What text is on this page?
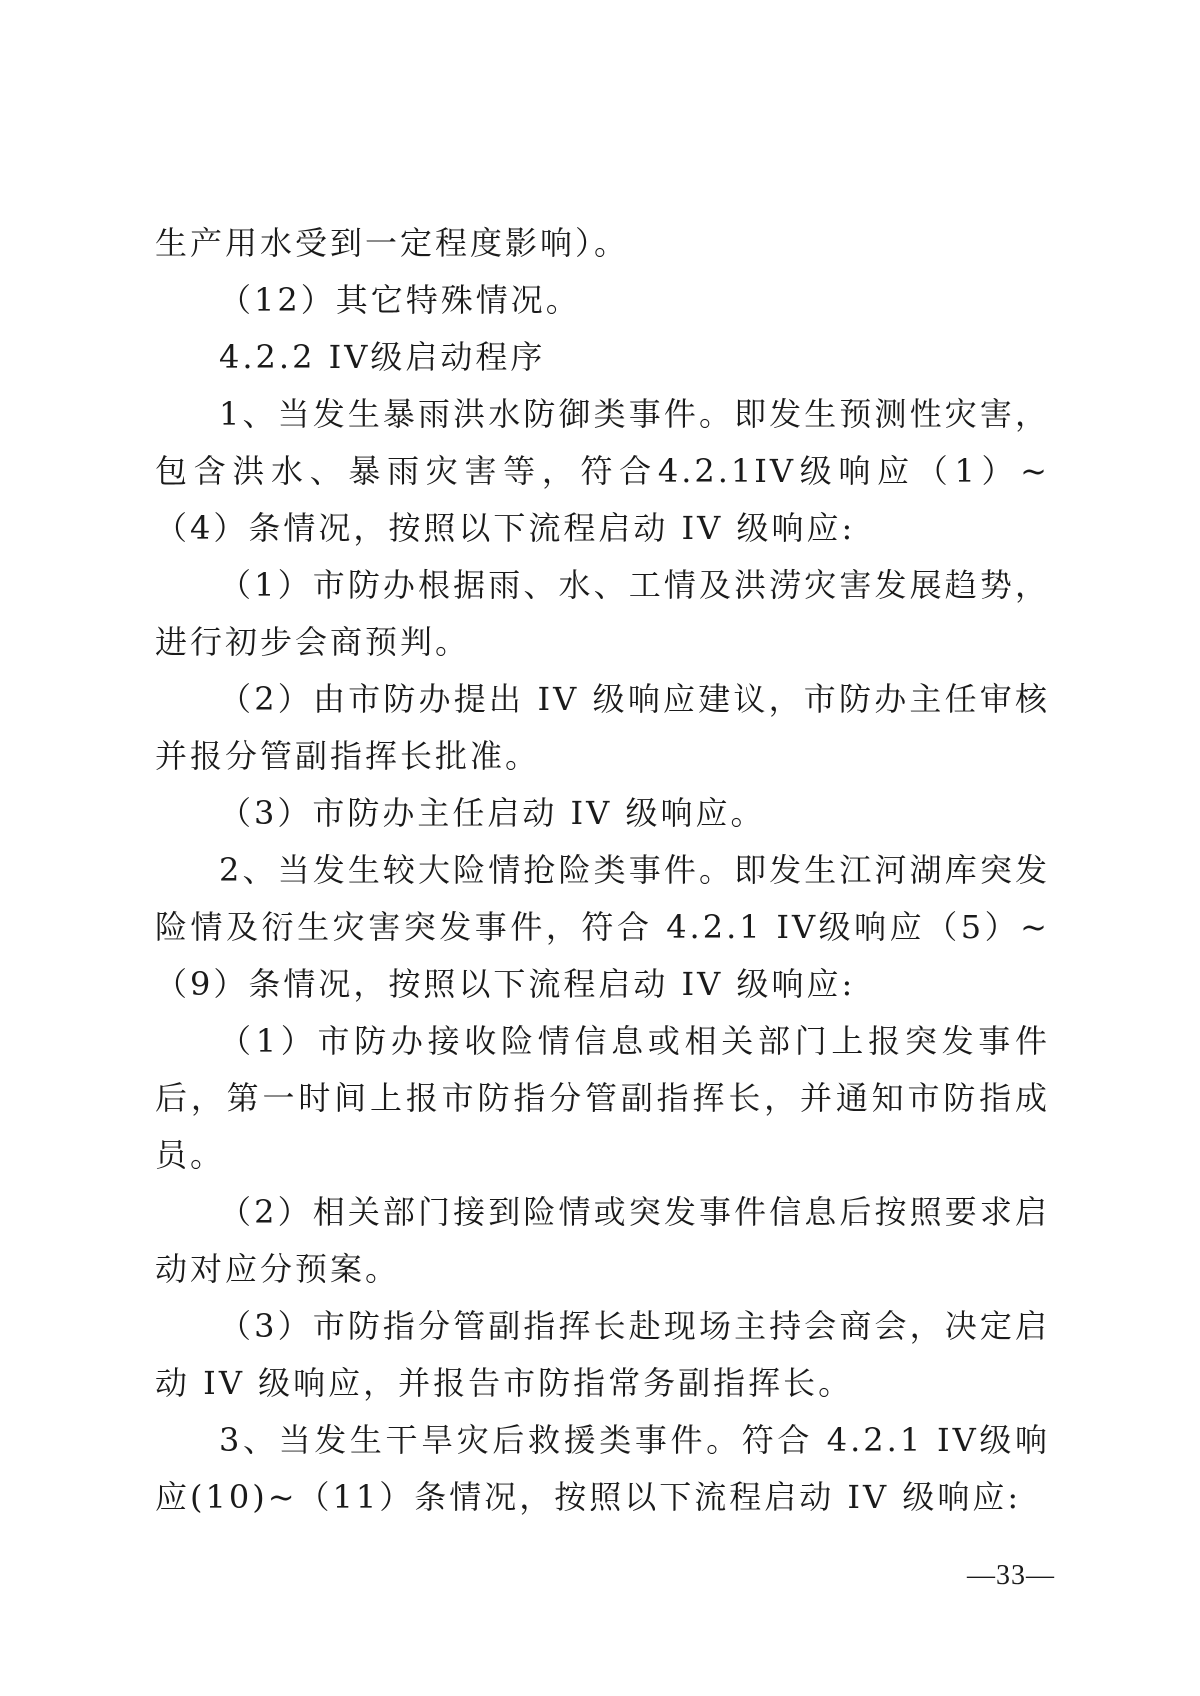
生产用水受到一定程度影响）。

（12）其它特殊情况。

4.2.2 IV级启动程序

1、当发生暴雨洪水防御类事件。即发生预测性灾害，包含洪水、暴雨灾害等，符合4.2.1IV级响应（1）~（4）条情况，按照以下流程启动 IV 级响应:

（1）市防办根据雨、水、工情及洪涝灾害发展趋势，进行初步会商预判。

（2）由市防办提出 IV 级响应建议，市防办主任审核并报分管副指挥长批准。

（3）市防办主任启动 IV 级响应。

2、当发生较大险情抢险类事件。即发生江河湖库突发险情及衍生灾害突发事件，符合 4.2.1 IV级响应（5）~（9）条情况，按照以下流程启动 IV 级响应:

（1）市防办接收险情信息或相关部门上报突发事件后，第一时间上报市防指分管副指挥长，并通知市防指成员。

（2）相关部门接到险情或突发事件信息后按照要求启动对应分预案。

（3）市防指分管副指挥长赴现场主持会商会，决定启动 IV 级响应，并报告市防指常务副指挥长。

3、当发生干旱灾后救援类事件。符合 4.2.1 IV级响应(10)~（11）条情况，按照以下流程启动 IV 级响应:

—33—
